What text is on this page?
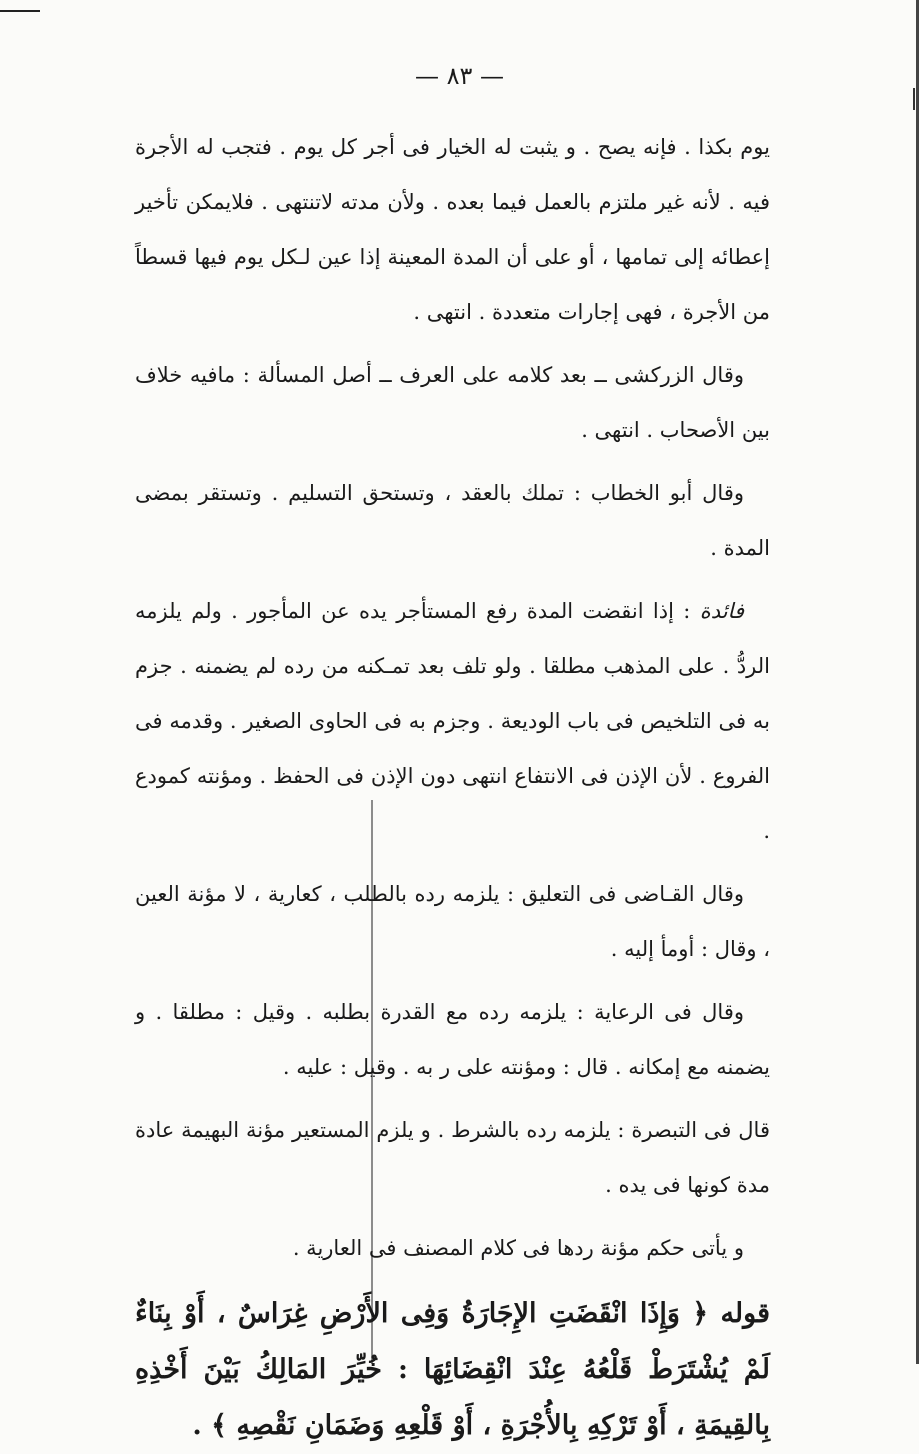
— ٨٣ —

يوم بكذا . فإنه يصح . و يثبت له الخيار فى أجر كل يوم . فتجب له الأجرة فيه . لأنه غير ملتزم بالعمل فيما بعده . ولأن مدته لاتنتهى . فلايمكن تأخير إعطائه إلى تمامها ، أو على أن المدة المعينة إذا عين لـكل يوم فيها قسطاً من الأجرة ، فهى إجارات متعددة . انتهى .

وقال الزركشى ــ بعد كلامه على العرف ــ أصل المسألة : مافيه خلاف بين الأصحاب . انتهى .

وقال أبو الخطاب : تملك بالعقد ، وتستحق التسليم . وتستقر بمضى المدة .

فائدة : إذا انقضت المدة رفع المستأجر يده عن المأجور . ولم يلزمه الردُّ . على المذهب مطلقا . ولو تلف بعد تمـكنه من رده لم يضمنه . جزم به فى التلخيص فى باب الوديعة . وجزم به فى الحاوى الصغير . وقدمه فى الفروع . لأن الإذن فى الانتفاع انتهى دون الإذن فى الحفظ . ومؤنته كمودع .

وقال القـاضى فى التعليق : يلزمه رده بالطلب ، كعارية ، لا مؤنة العين ، وقال : أومأ إليه .

وقال فى الرعاية : يلزمه رده مع القدرة بطلبه . وقيل : مطلقا . و يضمنه مع إمكانه . قال : ومؤنته على ر به . وقيل : عليه .

قال فى التبصرة : يلزمه رده بالشرط . و يلزم المستعير مؤنة البهيمة عادة مدة كونها فى يده .

و يأتى حكم مؤنة ردها فى كلام المصنف فى العارية .

قوله ﴿ وَإِذَا انْقَضَتِ الإِجَارَةُ وَفِى الأَرْضِ غِرَاسٌ ، أَوْ بِنَاءٌ لَمْ يُشْتَرَطْ قَلْعُهُ عِنْدَ انْقِضَائِهَا : خُيِّرَ المَالِكُ بَيْنَ أَخْذِهِ بِالقِيمَةِ ، أَوْ تَرْكِهِ بِالأُجْرَةِ ، أَوْ قَلْعِهِ وَضَمَانِ نَقْصِهِ ﴾ .
